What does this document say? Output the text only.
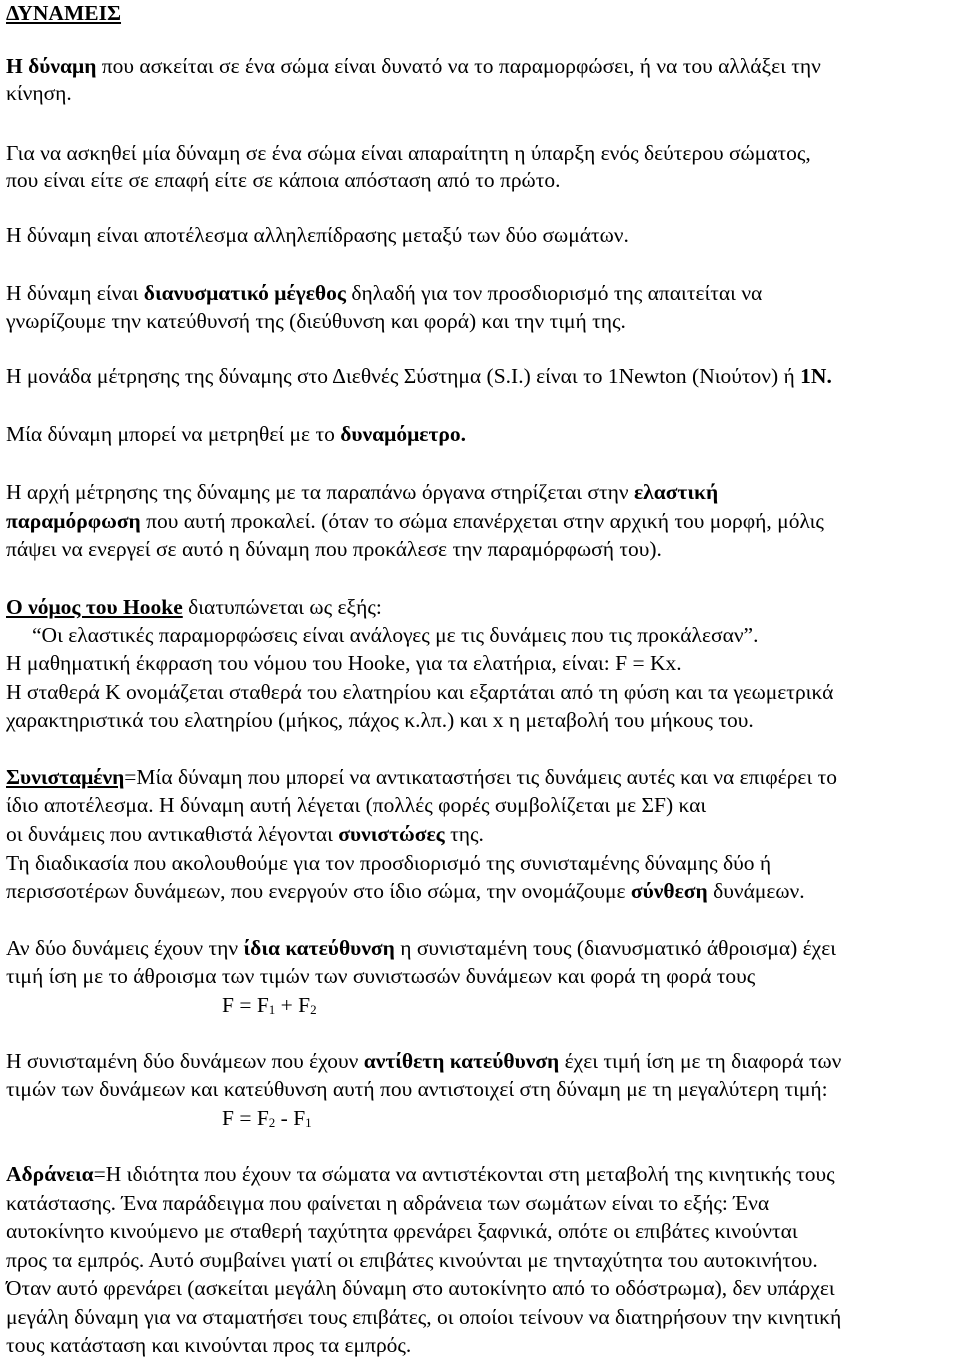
ΔΥΝΑΜΕΙΣ
Η δύναμη που ασκείται σε ένα σώμα είναι δυνατό να το παραμορφώσει, ή να του αλλάξει την
κίνηση.
Για να ασκηθεί μία δύναμη σε ένα σώμα είναι απαραίτητη η ύπαρξη ενός δεύτερου σώματος,
που είναι είτε σε επαφή είτε σε κάποια απόσταση από το πρώτο.
Η δύναμη είναι αποτέλεσμα αλληλεπίδρασης μεταξύ των δύο σωμάτων.
Η δύναμη είναι διανυσματικό μέγεθος δηλαδή για τον προσδιορισμό της απαιτείται να
γνωρίζουμε την κατεύθυνσή της (διεύθυνση και φορά) και την τιμή της.
Η μονάδα μέτρησης της δύναμης στο Διεθνές Σύστημα (S.I.) είναι το 1Newton (Νιούτον) ή 1N.
Μία δύναμη μπορεί να μετρηθεί με το δυναμόμετρο.
Η αρχή μέτρησης της δύναμης με τα παραπάνω όργανα στηρίζεται στην ελαστική
παραμόρφωση που αυτή προκαλεί. (όταν το σώμα επανέρχεται στην αρχική του μορφή, μόλις
πάψει να ενεργεί σε αυτό η δύναμη που προκάλεσε την παραμόρφωσή του).
Ο νόμος του Hooke διατυπώνεται ως εξής:
“Οι ελαστικές παραμορφώσεις είναι ανάλογες με τις δυνάμεις που τις προκάλεσαν”.
Η μαθηματική έκφραση του νόμου του Hooke, για τα ελατήρια, είναι: F = Kx.
Η σταθερά K ονομάζεται σταθερά του ελατηρίου και εξαρτάται από τη φύση και τα γεωμετρικά
χαρακτηριστικά του ελατηρίου (μήκος, πάχος κ.λπ.) και x η μεταβολή του μήκους του.
Συνισταμένη=Μία δύναμη που μπορεί να αντικαταστήσει τις δυνάμεις αυτές και να επιφέρει το
ίδιο αποτέλεσμα. Η δύναμη αυτή λέγεται (πολλές φορές συμβολίζεται με ΣF) και
οι δυνάμεις που αντικαθιστά λέγονται συνιστώσες της.
Τη διαδικασία που ακολουθούμε για τον προσδιορισμό της συνισταμένης δύναμης δύο ή
περισσοτέρων δυνάμεων, που ενεργούν στο ίδιο σώμα, την ονομάζουμε σύνθεση δυνάμεων.
Αν δύο δυνάμεις έχουν την ίδια κατεύθυνση η συνισταμένη τους (διανυσματικό άθροισμα) έχει
τιμή ίση με το άθροισμα των τιμών των συνιστωσών δυνάμεων και φορά τη φορά τους
F = F1 + F2
Η συνισταμένη δύο δυνάμεων που έχουν αντίθετη κατεύθυνση έχει τιμή ίση με τη διαφορά των
τιμών των δυνάμεων και κατεύθυνση αυτή που αντιστοιχεί στη δύναμη με τη μεγαλύτερη τιμή:
F = F2 - F1
Αδράνεια=Η ιδιότητα που έχουν τα σώματα να αντιστέκονται στη μεταβολή της κινητικής τους
κατάστασης. Ένα παράδειγμα που φαίνεται η αδράνεια των σωμάτων είναι το εξής: Ένα
αυτοκίνητο κινούμενο με σταθερή ταχύτητα φρενάρει ξαφνικά, οπότε οι επιβάτες κινούνται
προς τα εμπρός. Αυτό συμβαίνει γιατί οι επιβάτες κινούνται με τηνταχύτητα του αυτοκινήτου.
Όταν αυτό φρενάρει (ασκείται μεγάλη δύναμη στο αυτοκίνητο από το οδόστρωμα), δεν υπάρχει
μεγάλη δύναμη για να σταματήσει τους επιβάτες, οι οποίοι τείνουν να διατηρήσουν την κινητική
τους κατάσταση και κινούνται προς τα εμπρός.
